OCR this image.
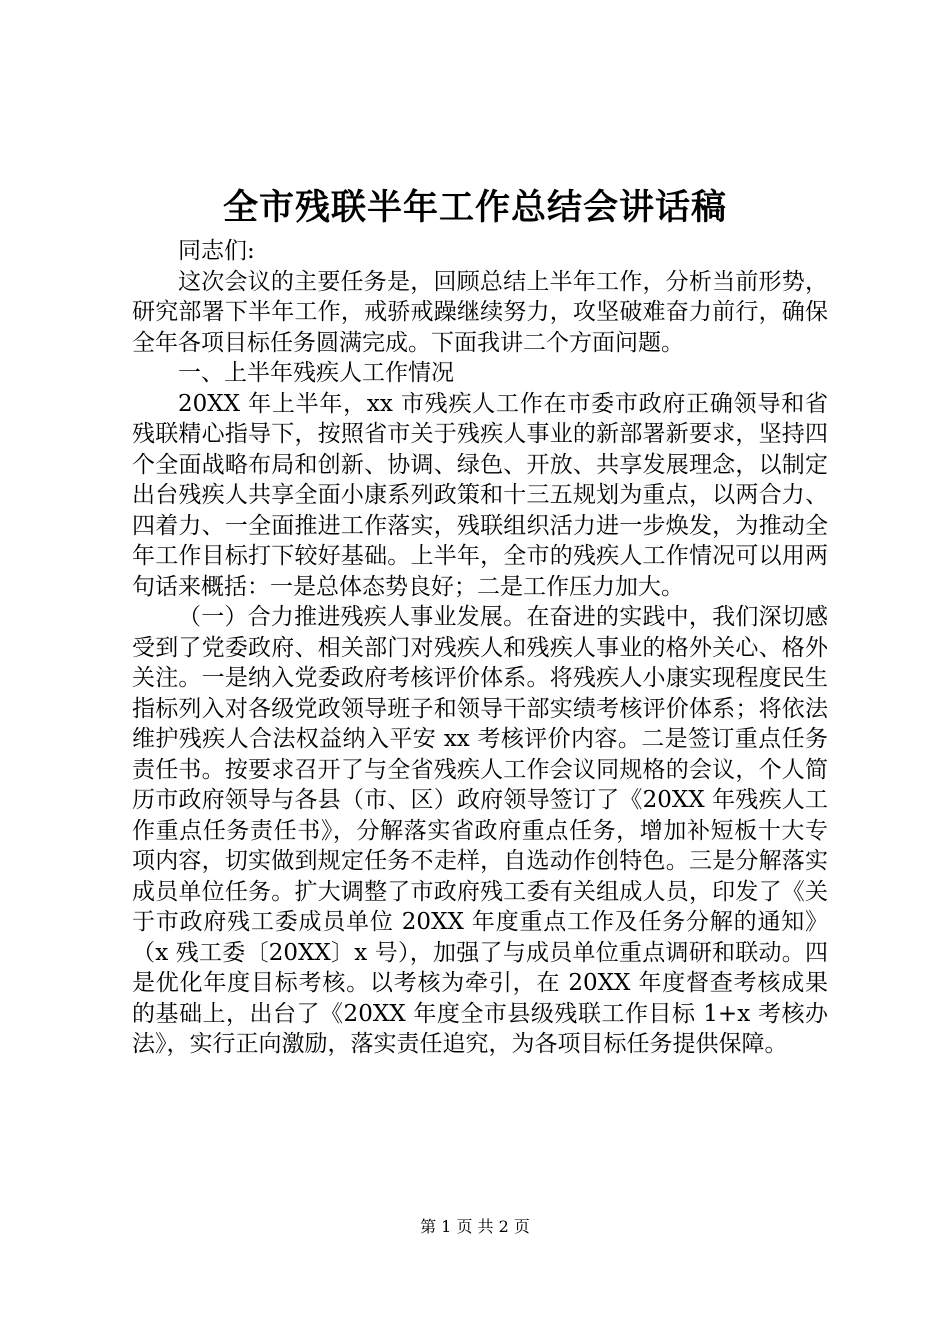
全市残联半年工作总结会讲话稿

同志们:

这次会议的主要任务是，回顾总结上半年工作，分析当前形势，研究部署下半年工作，戒骄戒躁继续努力，攻坚破难奋力前行，确保全年各项目标任务圆满完成。下面我讲二个方面问题。

一、上半年残疾人工作情况

20XX 年上半年，xx 市残疾人工作在市委市政府正确领导和省残联精心指导下，按照省市关于残疾人事业的新部署新要求，坚持四个全面战略布局和创新、协调、绿色、开放、共享发展理念，以制定出台残疾人共享全面小康系列政策和十三五规划为重点，以两合力、四着力、一全面推进工作落实，残联组织活力进一步焕发，为推动全年工作目标打下较好基础。上半年，全市的残疾人工作情况可以用两句话来概括：一是总体态势良好；二是工作压力加大。

（一）合力推进残疾人事业发展。在奋进的实践中，我们深切感受到了党委政府、相关部门对残疾人和残疾人事业的格外关心、格外关注。一是纳入党委政府考核评价体系。将残疾人小康实现程度民生指标列入对各级党政领导班子和领导干部实绩考核评价体系；将依法维护残疾人合法权益纳入平安 xx 考核评价内容。二是签订重点任务责任书。按要求召开了与全省残疾人工作会议同规格的会议，个人简历市政府领导与各县（市、区）政府领导签订了《20XX 年残疾人工作重点任务责任书》，分解落实省政府重点任务，增加补短板十大专项内容，切实做到规定任务不走样，自选动作创特色。三是分解落实成员单位任务。扩大调整了市政府残工委有关组成人员，印发了《关于市政府残工委成员单位 20XX 年度重点工作及任务分解的通知》（x 残工委〔20XX〕x 号），加强了与成员单位重点调研和联动。四是优化年度目标考核。以考核为牵引，在 20XX 年度督查考核成果的基础上，出台了《20XX 年度全市县级残联工作目标 1+x 考核办法》，实行正向激励，落实责任追究，为各项目标任务提供保障。

第 1 页 共 2 页
